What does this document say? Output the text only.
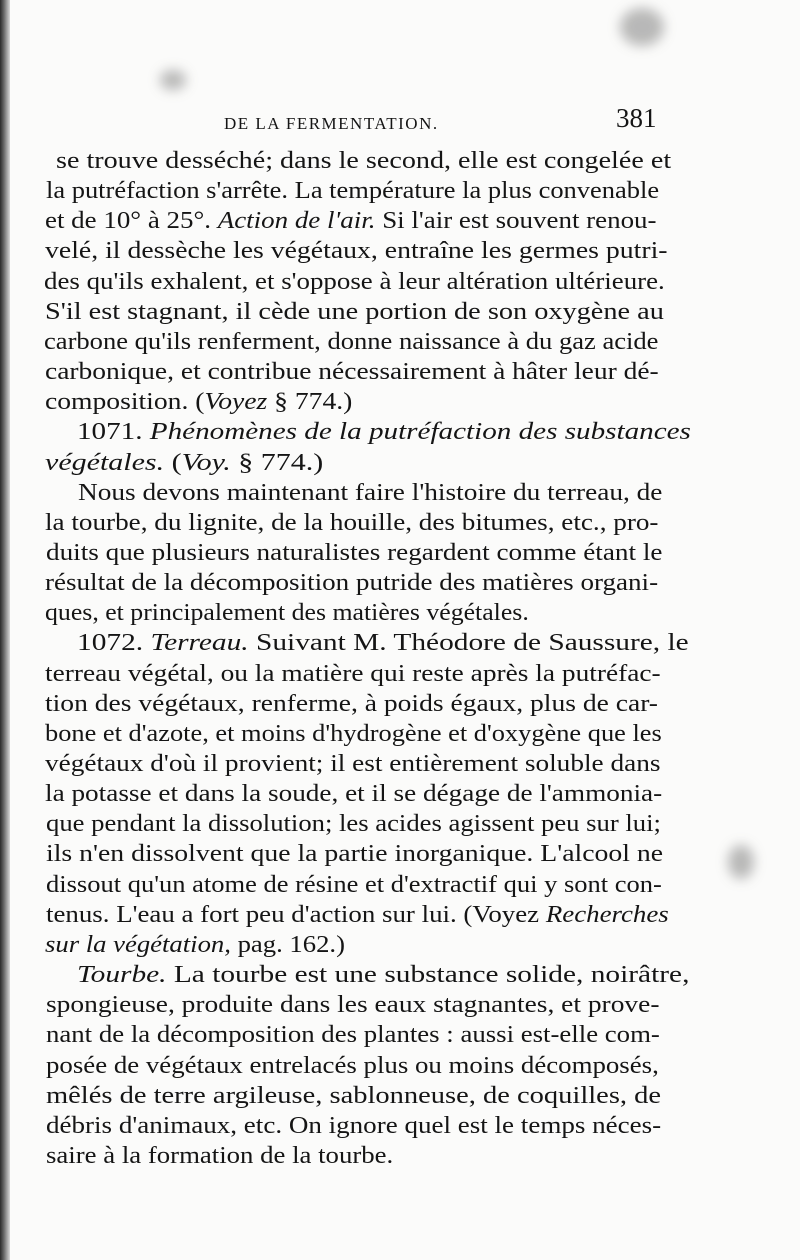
DE LA FERMENTATION.	381
se trouve desséché; dans le second, elle est congelée et
la putréfaction s'arrête. La température la plus convenable
et de 10° à 25°. Action de l'air. Si l'air est souvent renou-
velé, il dessèche les végétaux, entraîne les germes putri-
des qu'ils exhalent, et s'oppose à leur altération ultérieure.
S'il est stagnant, il cède une portion de son oxygène au
carbone qu'ils renferment, donne naissance à du gaz acide
carbonique, et contribue nécessairement à hâter leur dé-
composition. (Voyez § 774.)
1071. Phénomènes de la putréfaction des substances
végétales. (Voy. § 774.)
Nous devons maintenant faire l'histoire du terreau, de
la tourbe, du lignite, de la houille, des bitumes, etc., pro-
duits que plusieurs naturalistes regardent comme étant le
résultat de la décomposition putride des matières organi-
ques, et principalement des matières végétales.
1072. Terreau. Suivant M. Théodore de Saussure, le
terreau végétal, ou la matière qui reste après la putréfac-
tion des végétaux, renferme, à poids égaux, plus de car-
bone et d'azote, et moins d'hydrogène et d'oxygène que les
végétaux d'où il provient; il est entièrement soluble dans
la potasse et dans la soude, et il se dégage de l'ammonia-
que pendant la dissolution; les acides agissent peu sur lui;
ils n'en dissolvent que la partie inorganique. L'alcool ne
dissout qu'un atome de résine et d'extractif qui y sont con-
tenus. L'eau a fort peu d'action sur lui. (Voyez Recherches
sur la végétation, pag. 162.)
Tourbe. La tourbe est une substance solide, noirâtre,
spongieuse, produite dans les eaux stagnantes, et prove-
nant de la décomposition des plantes : aussi est-elle com-
posée de végétaux entrelacés plus ou moins décomposés,
mêlés de terre argileuse, sablonneuse, de coquilles, de
débris d'animaux, etc. On ignore quel est le temps néces-
saire à la formation de la tourbe.
